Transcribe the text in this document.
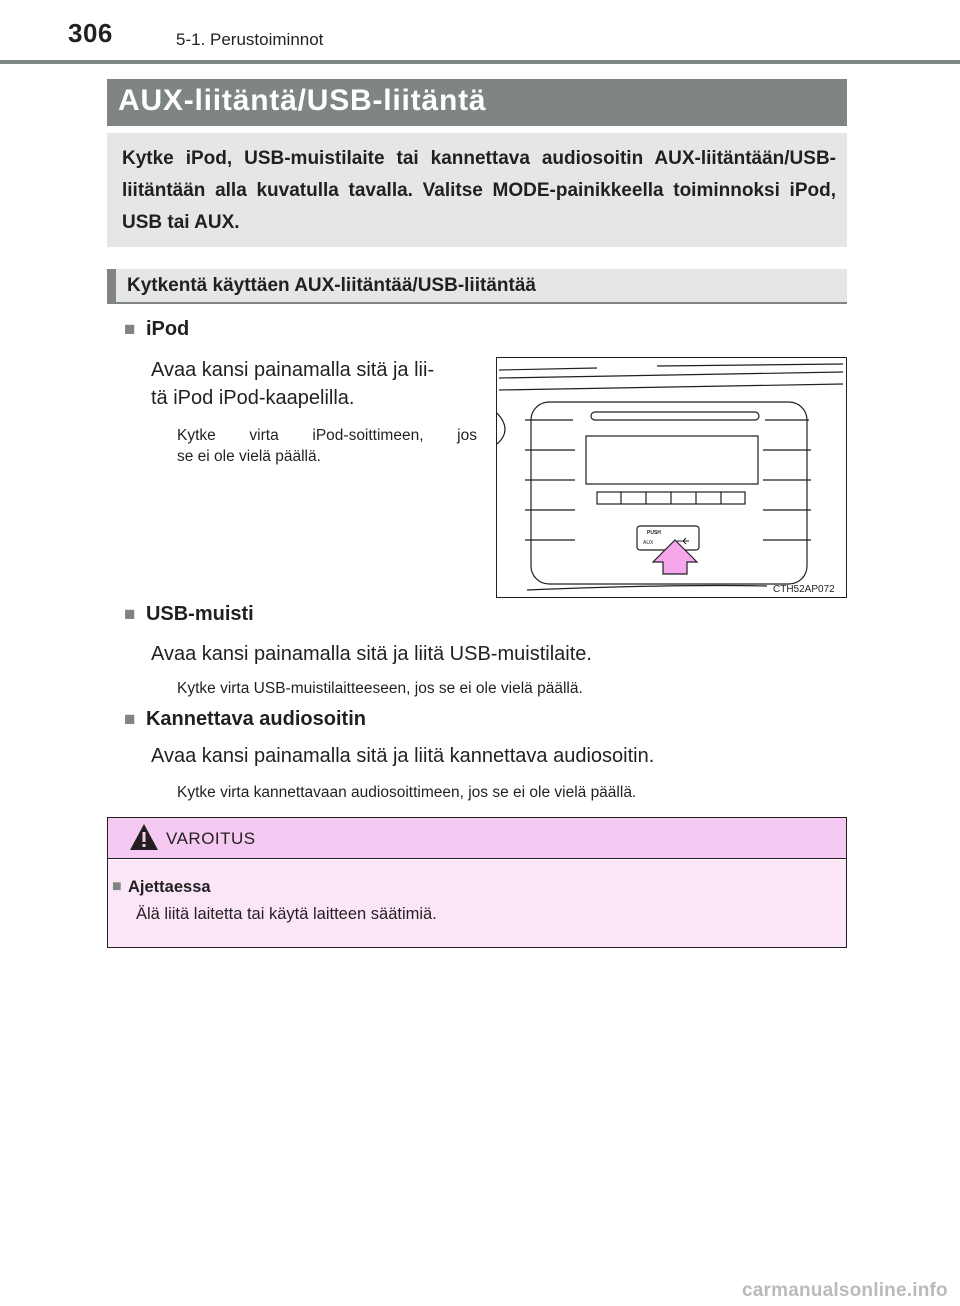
306	5-1. Perustoiminnot
AUX-liitäntä/USB-liitäntä
Kytke iPod, USB-muistilaite tai kannettava audiosoitin AUX-liitäntään/USB-liitäntään alla kuvatulla tavalla. Valitse MODE-painikkeella toiminnoksi iPod, USB tai AUX.
Kytkentä käyttäen AUX-liitäntää/USB-liitäntää
■ iPod
Avaa kansi painamalla sitä ja lii-
tä iPod iPod-kaapelilla.
Kytke virta iPod-soittimeen, jos
se ei ole vielä päällä.
PUSH
AUX
CTH52AP072
■ USB-muisti
Avaa kansi painamalla sitä ja liitä USB-muistilaite.
Kytke virta USB-muistilaitteeseen, jos se ei ole vielä päällä.
■ Kannettava audiosoitin
Avaa kansi painamalla sitä ja liitä kannettava audiosoitin.
Kytke virta kannettavaan audiosoittimeen, jos se ei ole vielä päällä.
VAROITUS
■ Ajettaessa
Älä liitä laitetta tai käytä laitteen säätimiä.
carmanualsonline.info
